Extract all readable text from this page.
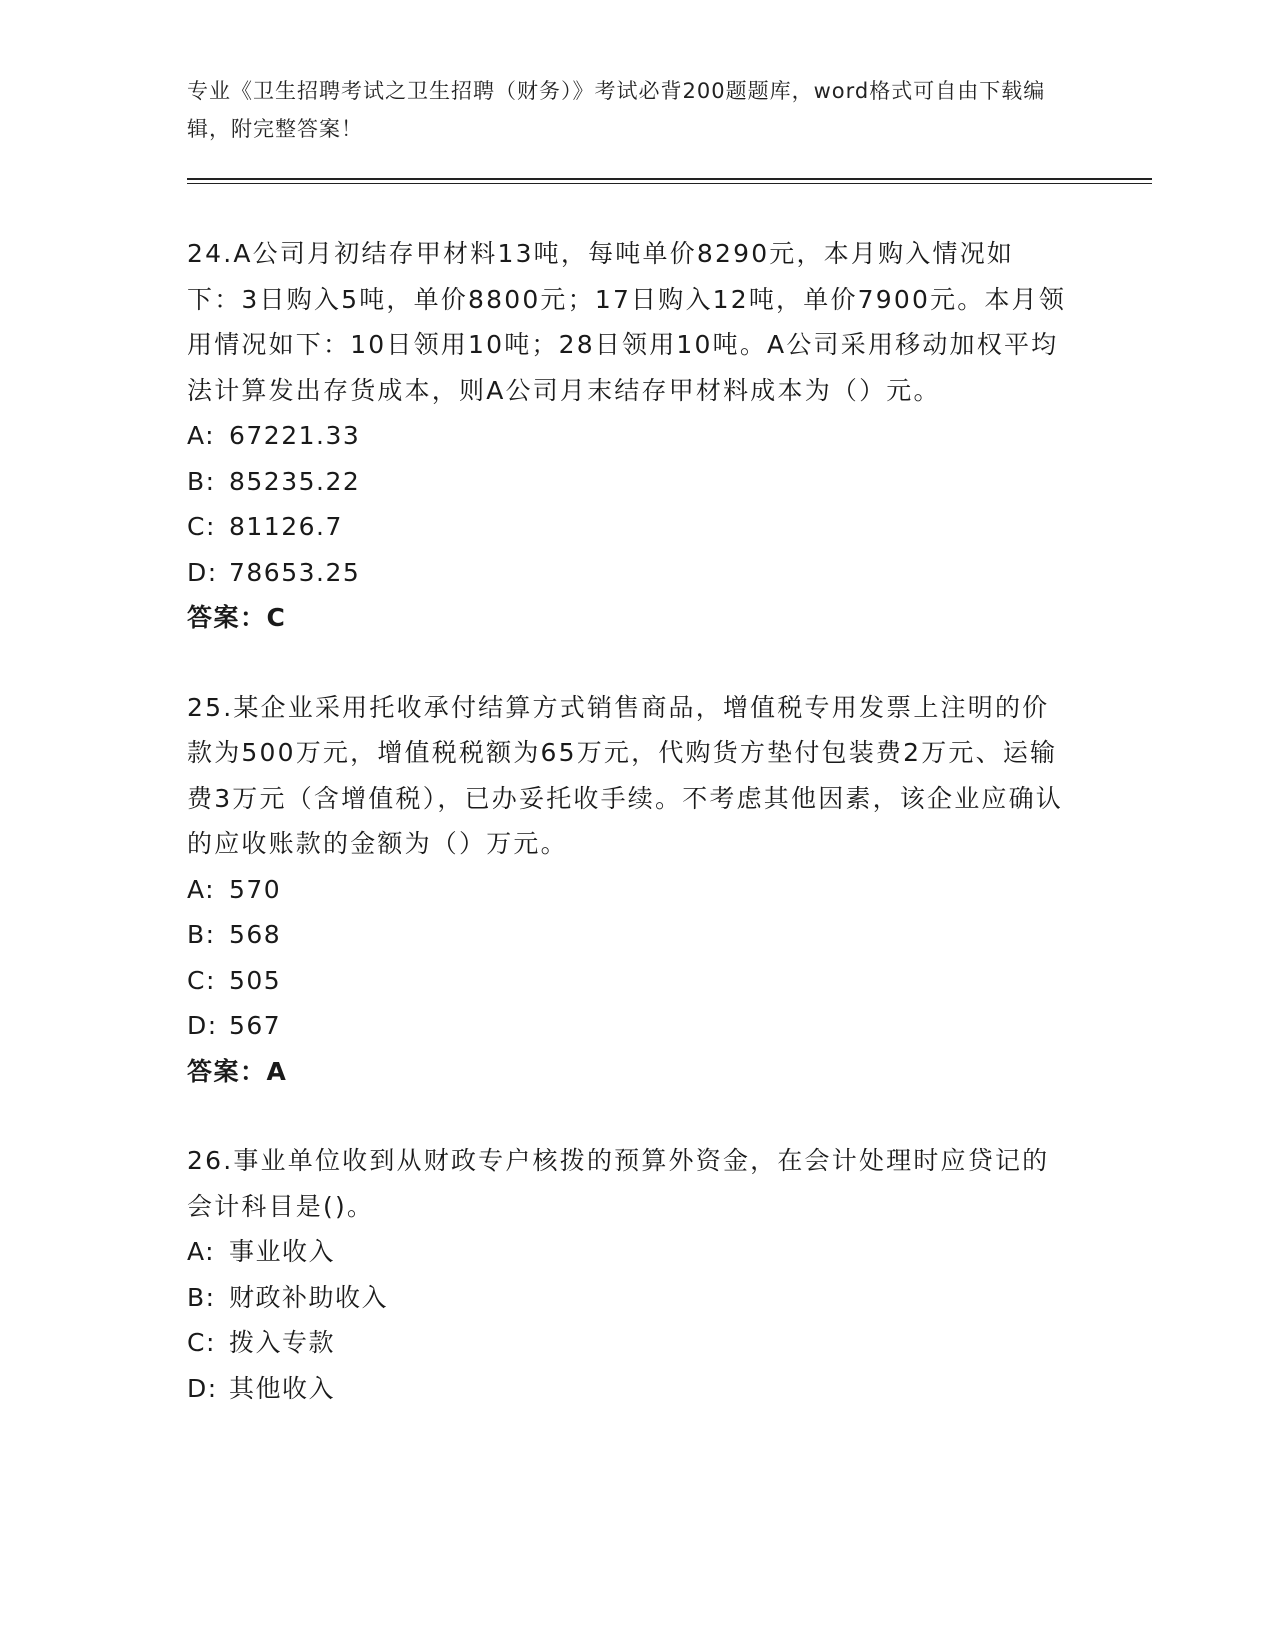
专业《卫生招聘考试之卫生招聘（财务）》考试必背200题题库，word格式可自由下载编辑，附完整答案！

24.A公司月初结存甲材料13吨，每吨单价8290元，本月购入情况如下：3日购入5吨，单价8800元；17日购入12吨，单价7900元。本月领用情况如下：10日领用10吨；28日领用10吨。A公司采用移动加权平均法计算发出存货成本，则A公司月末结存甲材料成本为（）元。

A: 67221.33

B: 85235.22

C: 81126.7

D: 78653.25

答案：C

25.某企业采用托收承付结算方式销售商品，增值税专用发票上注明的价款为500万元，增值税税额为65万元，代购货方垫付包装费2万元、运输费3万元（含增值税），已办妥托收手续。不考虑其他因素，该企业应确认的应收账款的金额为（）万元。

A: 570

B: 568

C: 505

D: 567

答案：A

26.事业单位收到从财政专户核拨的预算外资金，在会计处理时应贷记的会计科目是()。

A: 事业收入

B: 财政补助收入

C: 拨入专款

D: 其他收入
